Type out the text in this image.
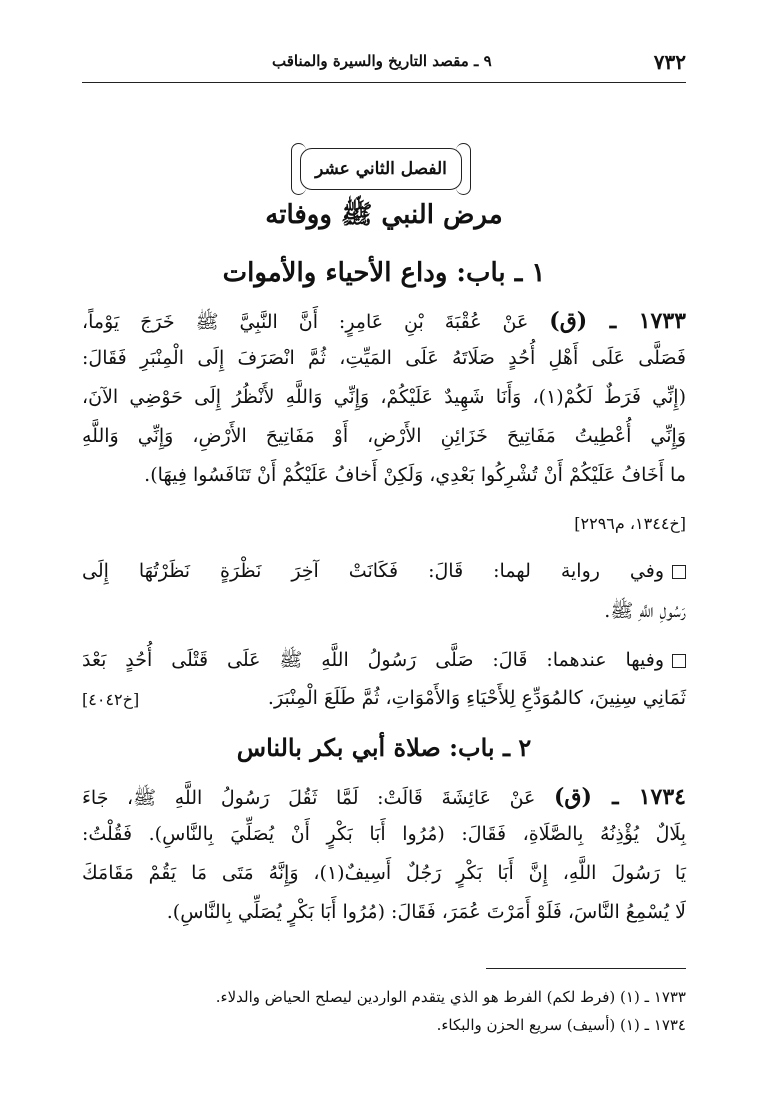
٧٣٢
٩ ـ مقصد التاريخ والسيرة والمناقب
الفصل الثاني عشر
مرض النبي ﷺ ووفاته
١ ـ باب: وداع الأحياء والأموات
١٧٣٣ ـ (ق) عَنْ عُقْبَةَ بْنِ عَامِرٍ: أَنَّ النَّبِيَّ ﷺ خَرَجَ يَوْماً،
فَصَلَّى عَلَى أَهْلِ أُحُدٍ صَلَاتَهُ عَلَى المَيِّتِ، ثُمَّ انْصَرَفَ إِلَى الْمِنْبَرِ فَقَالَ:
(إِنِّي فَرَطٌ لَكُمْ(١)، وَأَنَا شَهِيدٌ عَلَيْكُمْ، وَإِنِّي وَاللَّهِ لأَنْظُرُ إِلَى حَوْضِي الآنَ،
وَإِنِّي أُعْطِيتُ مَفَاتِيحَ خَزَائِنِ الأَرْضِ، أَوْ مَفَاتِيحَ الأَرْضِ، وَإِنِّي وَاللَّهِ
ما أَخَافُ عَلَيْكُمْ أَنْ تُشْرِكُوا بَعْدِي، وَلَكِنْ أَخافُ عَلَيْكُمْ أَنْ تَنَافَسُوا فِيهَا).
[خ١٣٤٤، م٢٢٩٦]
وفي رواية لهما: قَالَ: فَكَانَتْ آخِرَ نَظْرَةٍ نَظَرْتُهَا إِلَى
رَسُولِ اللَّهِ ﷺ.
وفيها عندهما: قَالَ: صَلَّى رَسُولُ اللَّهِ ﷺ عَلَى قَتْلَى أُحُدٍ بَعْدَ
ثَمَانِي سِنِينَ، كالمُوَدِّعِ لِلأَحْيَاءِ وَالأَمْوَاتِ، ثُمَّ طَلَعَ الْمِنْبَرَ.
[خ٤٠٤٢]
٢ ـ باب: صلاة أبي بكر بالناس
١٧٣٤ ـ (ق) عَنْ عَائِشَةَ قَالَتْ: لَمَّا ثَقُلَ رَسُولُ اللَّهِ ﷺ، جَاءَ
بِلَالٌ يُؤْذِنُهُ بِالصَّلَاةِ، فَقَالَ: (مُرُوا أَبَا بَكْرٍ أَنْ يُصَلِّيَ بِالنَّاسِ). فَقُلْتُ:
يَا رَسُولَ اللَّهِ، إِنَّ أَبَا بَكْرٍ رَجُلٌ أَسِيفٌ(١)، وَإِنَّهُ مَتَى مَا يَقُمْ مَقَامَكَ
لَا يُسْمِعُ النَّاسَ، فَلَوْ أَمَرْتَ عُمَرَ، فَقَالَ: (مُرُوا أَبَا بَكْرٍ يُصَلِّي بِالنَّاسِ).
١٧٣٣ ـ (١) (فرط لكم) الفرط هو الذي يتقدم الواردين ليصلح الحياض والدلاء.
١٧٣٤ ـ (١) (أسيف) سريع الحزن والبكاء.
